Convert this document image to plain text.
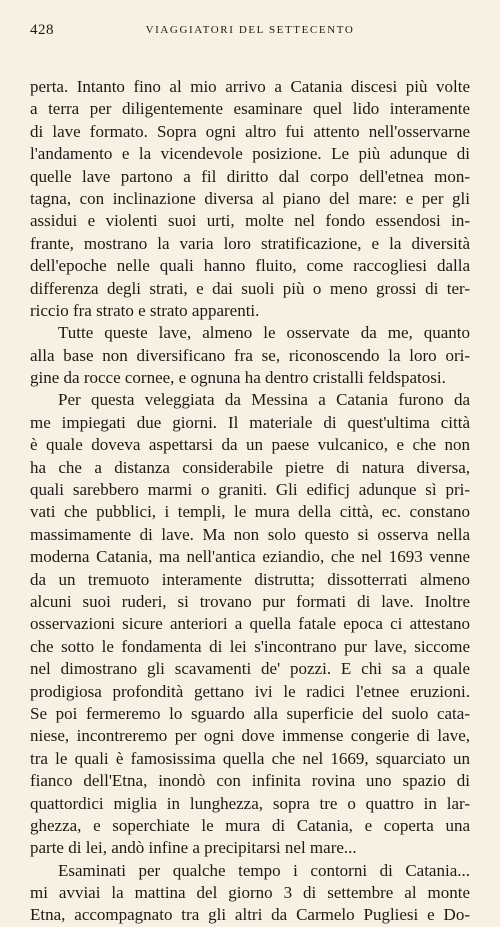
428	VIAGGIATORI DEL SETTECENTO
perta. Intanto fino al mio arrivo a Catania discesi più volte
a terra per diligentemente esaminare quel lido interamente
di lave formato. Sopra ogni altro fui attento nell'osservarne
l'andamento e la vicendevole posizione. Le più adunque di
quelle lave partono a fil diritto dal corpo dell'etnea mon-
tagna, con inclinazione diversa al piano del mare: e per gli
assidui e violenti suoi urti, molte nel fondo essendosi in-
frante, mostrano la varia loro stratificazione, e la diversità
dell'epoche nelle quali hanno fluito, come raccogliesi dalla
differenza degli strati, e dai suoli più o meno grossi di ter-
riccio fra strato e strato apparenti.
Tutte queste lave, almeno le osservate da me, quanto
alla base non diversificano fra se, riconoscendo la loro ori-
gine da rocce cornee, e ognuna ha dentro cristalli feldspatosi.
Per questa veleggiata da Messina a Catania furono da
me impiegati due giorni. Il materiale di quest'ultima città
è quale doveva aspettarsi da un paese vulcanico, e che non
ha che a distanza considerabile pietre di natura diversa,
quali sarebbero marmi o graniti. Gli edificj adunque sì pri-
vati che pubblici, i templi, le mura della città, ec. constano
massimamente di lave. Ma non solo questo si osserva nella
moderna Catania, ma nell'antica eziandio, che nel 1693 venne
da un tremuoto interamente distrutta; dissotterrati almeno
alcuni suoi ruderi, si trovano pur formati di lave. Inoltre
osservazioni sicure anteriori a quella fatale epoca ci attestano
che sotto le fondamenta di lei s'incontrano pur lave, siccome
nel dimostrano gli scavamenti de' pozzi. E chi sa a quale
prodigiosa profondità gettano ivi le radici l'etnee eruzioni.
Se poi fermeremo lo sguardo alla superficie del suolo cata-
niese, incontreremo per ogni dove immense congerie di lave,
tra le quali è famosissima quella che nel 1669, squarciato un
fianco dell'Etna, inondò con infinita rovina uno spazio di
quattordici miglia in lunghezza, sopra tre o quattro in lar-
ghezza, e soperchiate le mura di Catania, e coperta una
parte di lei, andò infine a precipitarsi nel mare...
Esaminati per qualche tempo i contorni di Catania...
mi avviai la mattina del giorno 3 di settembre al monte
Etna, accompagnato tra gli altri da Carmelo Pugliesi e Do-
